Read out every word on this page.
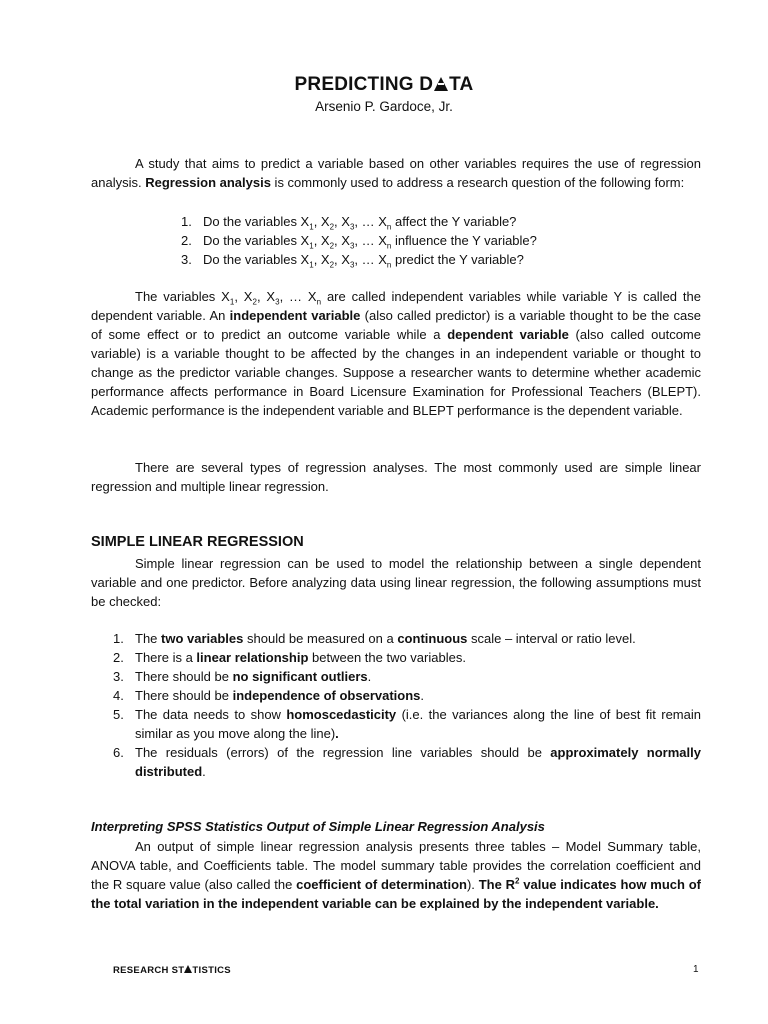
PREDICTING D TA
Arsenio P. Gardoce, Jr.
A study that aims to predict a variable based on other variables requires the use of regression analysis. Regression analysis is commonly used to address a research question of the following form:
1. Do the variables $X_1$, $X_2$, $X_3$, … $X_n$ affect the Y variable?
2. Do the variables $X_1$, $X_2$, $X_3$, … $X_n$ influence the Y variable?
3. Do the variables $X_1$, $X_2$, $X_3$, … $X_n$ predict the Y variable?
The variables $X_1$, $X_2$, $X_3$, … $X_n$ are called independent variables while variable Y is called the dependent variable. An independent variable (also called predictor) is a variable thought to be the case of some effect or to predict an outcome variable while a dependent variable (also called outcome variable) is a variable thought to be affected by the changes in an independent variable or thought to change as the predictor variable changes. Suppose a researcher wants to determine whether academic performance affects performance in Board Licensure Examination for Professional Teachers (BLEPT). Academic performance is the independent variable and BLEPT performance is the dependent variable.
There are several types of regression analyses. The most commonly used are simple linear regression and multiple linear regression.
SIMPLE LINEAR REGRESSION
Simple linear regression can be used to model the relationship between a single dependent variable and one predictor. Before analyzing data using linear regression, the following assumptions must be checked:
1. The two variables should be measured on a continuous scale – interval or ratio level.
2. There is a linear relationship between the two variables.
3. There should be no significant outliers.
4. There should be independence of observations.
5. The data needs to show homoscedasticity (i.e. the variances along the line of best fit remain similar as you move along the line).
6. The residuals (errors) of the regression line variables should be approximately normally distributed.
Interpreting SPSS Statistics Output of Simple Linear Regression Analysis
An output of simple linear regression analysis presents three tables – Model Summary table, ANOVA table, and Coefficients table. The model summary table provides the correlation coefficient and the R square value (also called the coefficient of determination). The $R^2$ value indicates how much of the total variation in the independent variable can be explained by the independent variable.
RESEARCH ST TISTICS	1
